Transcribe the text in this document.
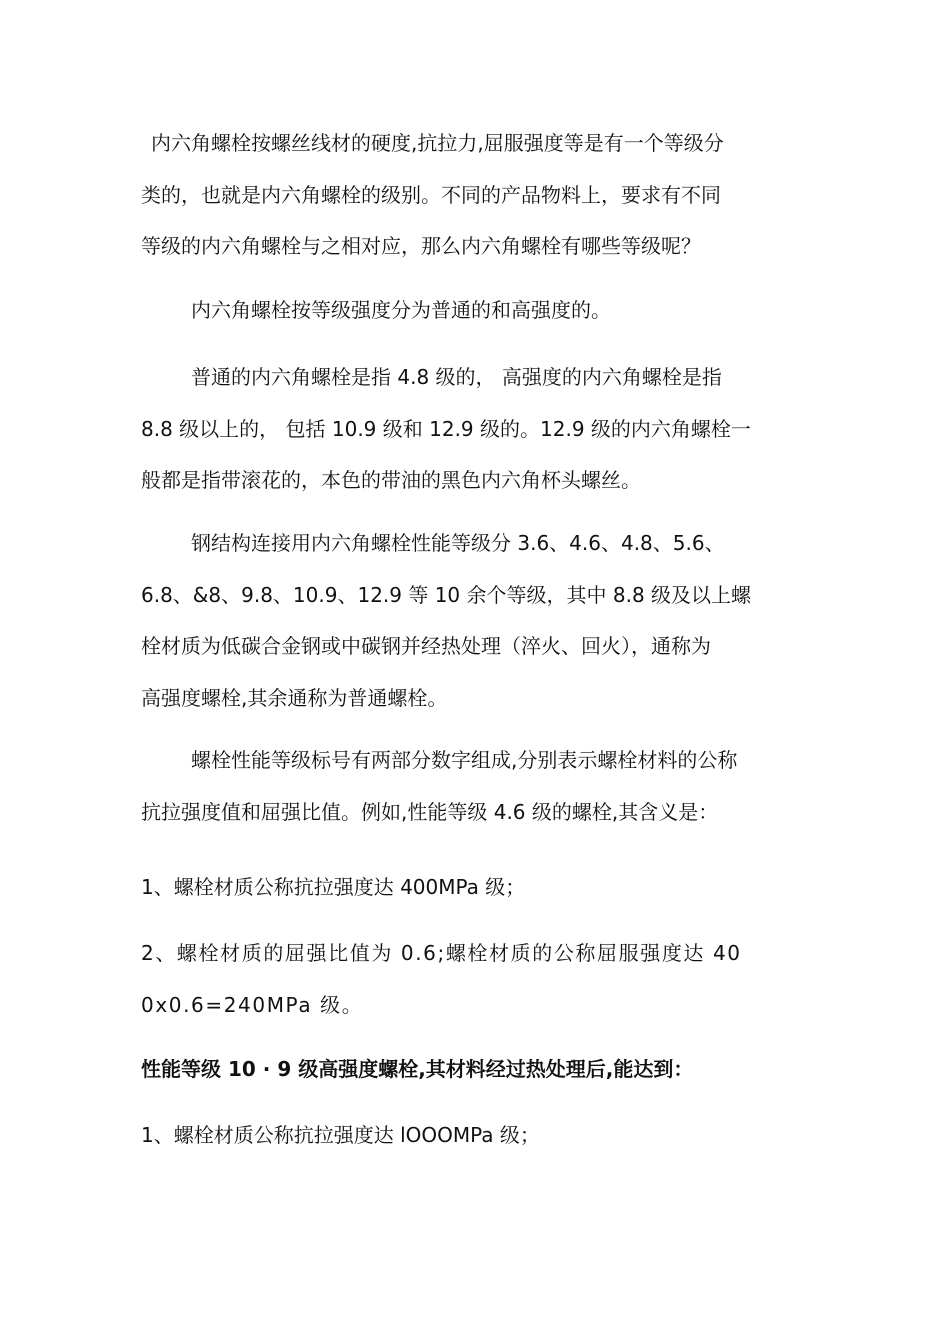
内六角螺栓按螺丝线材的硬度,抗拉力,屈服强度等是有一个等级分
类的，也就是内六角螺栓的级别。不同的产品物料上，要求有不同
等级的内六角螺栓与之相对应，那么内六角螺栓有哪些等级呢？
内六角螺栓按等级强度分为普通的和高强度的。
普通的内六角螺栓是指 4.8 级的， 高强度的内六角螺栓是指
8.8 级以上的， 包括 10.9 级和 12.9 级的。12.9 级的内六角螺栓一
般都是指带滚花的，本色的带油的黑色内六角杯头螺丝。
钢结构连接用内六角螺栓性能等级分 3.6、4.6、4.8、5.6、
6.8、&8、9.8、10.9、12.9 等 10 余个等级，其中 8.8 级及以上螺
栓材质为低碳合金钢或中碳钢并经热处理（淬火、回火），通称为
高强度螺栓,其余通称为普通螺栓。
螺栓性能等级标号有两部分数字组成,分别表示螺栓材料的公称
抗拉强度值和屈强比值。例如,性能等级 4.6 级的螺栓,其含义是：
1、螺栓材质公称抗拉强度达 400MPa 级；
2、螺栓材质的屈强比值为 0.6;螺栓材质的公称屈服强度达 40
0x0.6=240MPa 级。
性能等级 10 · 9 级高强度螺栓,其材料经过热处理后,能达到：
1、螺栓材质公称抗拉强度达 lOOOMPa 级；
